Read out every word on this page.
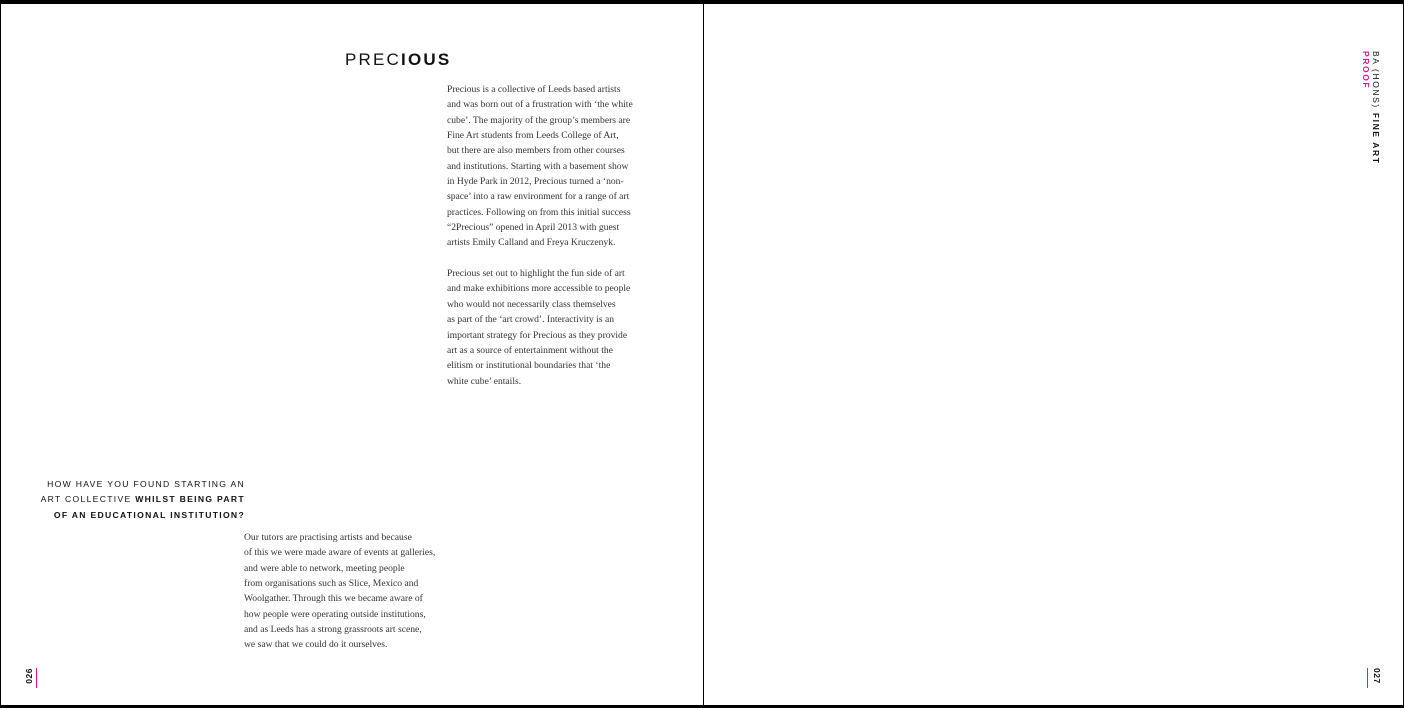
PRECIOUS

Precious is a collective of Leeds based artists
and was born out of a frustration with ‘the white
cube’. The majority of the group’s members are
Fine Art students from Leeds College of Art,
but there are also members from other courses
and institutions. Starting with a basement show
in Hyde Park in 2012, Precious turned a ‘non-
space’ into a raw environment for a range of art
practices. Following on from this initial success
“2Precious” opened in April 2013 with guest
artists Emily Calland and Freya Kruczenyk.

Precious set out to highlight the fun side of art
and make exhibitions more accessible to people
who would not necessarily class themselves
as part of the ‘art crowd’. Interactivity is an
important strategy for Precious as they provide
art as a source of entertainment without the
elitism or institutional boundaries that ‘the
white cube’ entails.

HOW HAVE YOU FOUND STARTING AN
ART COLLECTIVE WHILST BEING PART
OF AN EDUCATIONAL INSTITUTION?
Our tutors are practising artists and because
of this we were made aware of events at galleries,
and were able to network, meeting people
from organisations such as Slice, Mexico and
Woolgather. Through this we became aware of
how people were operating outside institutions,
and as Leeds has a strong grassroots art scene,
we saw that we could do it ourselves.
026
BA (HONS) FINE ART
PROOF
027
